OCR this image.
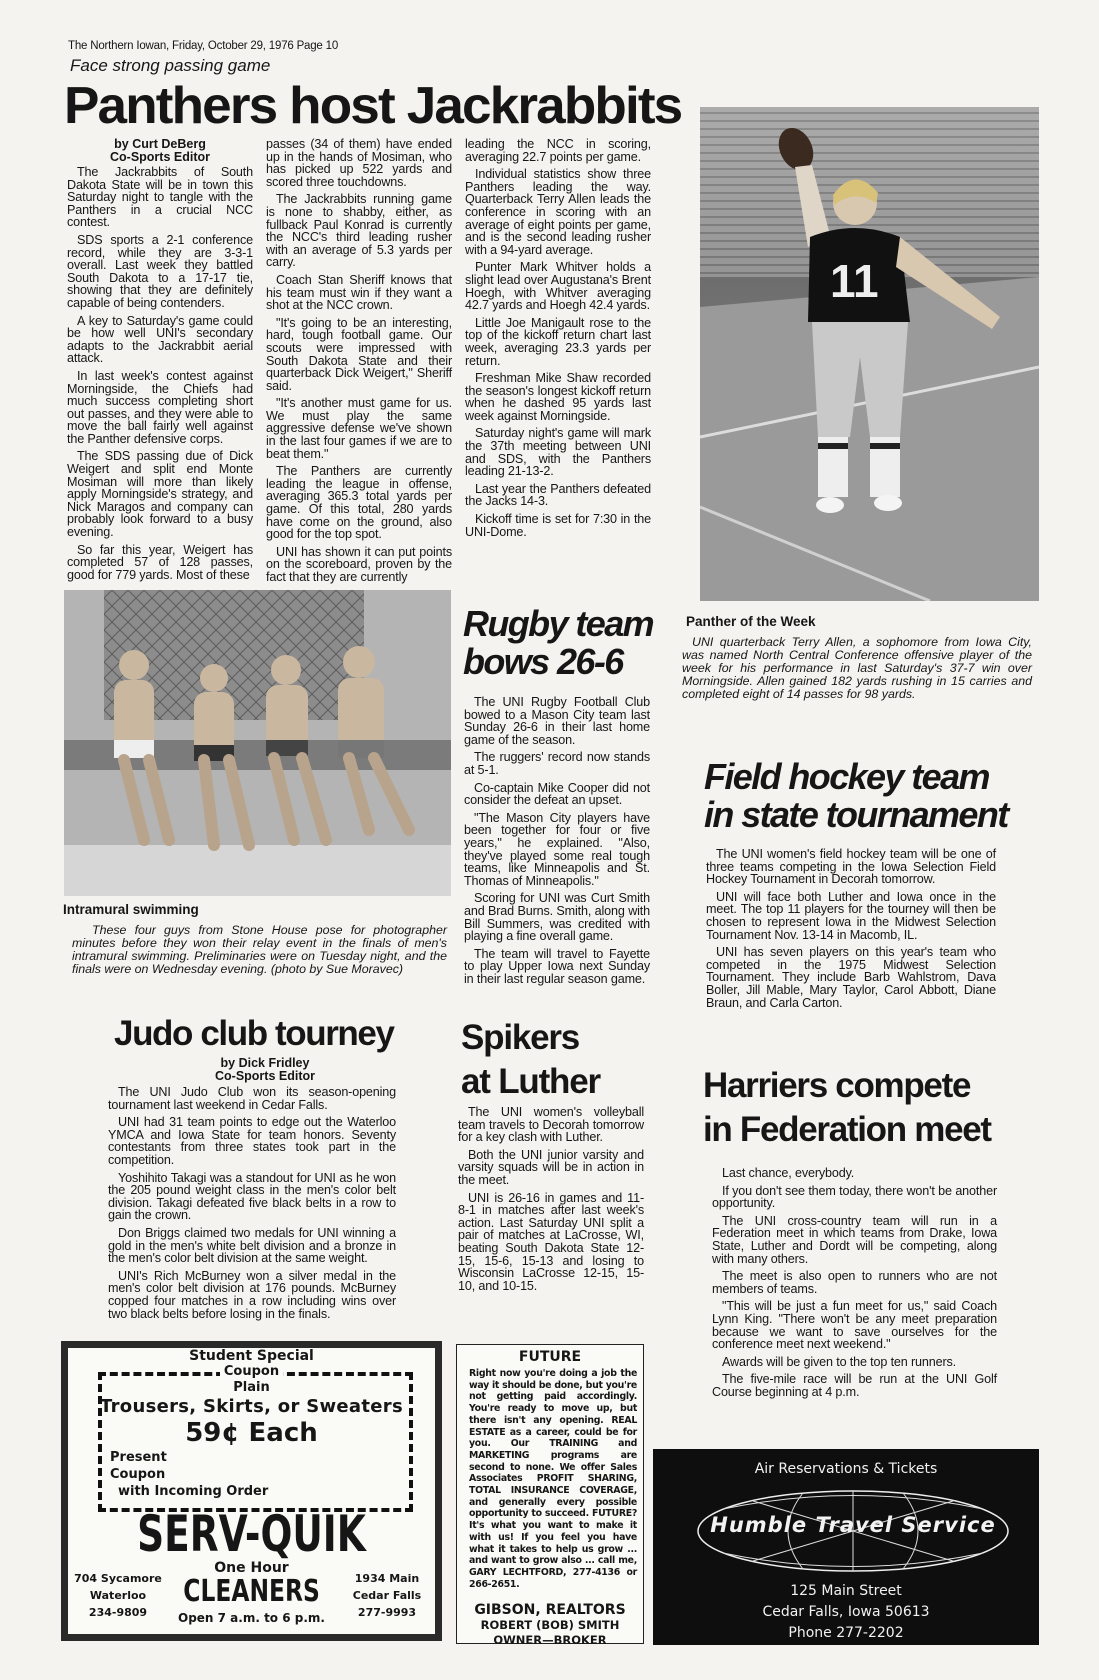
The Northern Iowan, Friday, October 29, 1976 Page 10
Face strong passing game
Panthers host Jackrabbits
by Curt DeBerg
Co-Sports Editor

The Jackrabbits of South Dakota State will be in town this Saturday night to tangle with the Panthers in a crucial NCC contest.

SDS sports a 2-1 conference record, while they are 3-3-1 overall. Last week they battled South Dakota to a 17-17 tie, showing that they are definitely capable of being contenders.

A key to Saturday's game could be how well UNI's secondary adapts to the Jackrabbit aerial attack.

In last week's contest against Morningside, the Chiefs had much success completing short out passes, and they were able to move the ball fairly well against the Panther defensive corps.

The SDS passing due of Dick Weigert and split end Monte Mosiman will more than likely apply Morningside's strategy, and Nick Maragos and company can probably look forward to a busy evening.

So far this year, Weigert has completed 57 of 128 passes, good for 779 yards. Most of these

passes (34 of them) have ended up in the hands of Mosiman, who has picked up 522 yards and scored three touchdowns.

The Jackrabbits running game is none to shabby, either, as fullback Paul Konrad is currently the NCC's third leading rusher with an average of 5.3 yards per carry.

Coach Stan Sheriff knows that his team must win if they want a shot at the NCC crown.

"It's going to be an interesting, hard, tough football game. Our scouts were impressed with South Dakota State and their quarterback Dick Weigert," Sheriff said.

"It's another must game for us. We must play the same aggressive defense we've shown in the last four games if we are to beat them."

The Panthers are currently leading the league in offense, averaging 365.3 total yards per game. Of this total, 280 yards have come on the ground, also good for the top spot.

UNI has shown it can put points on the scoreboard, proven by the fact that they are currently

leading the NCC in scoring, averaging 22.7 points per game.

Individual statistics show three Panthers leading the way. Quarterback Terry Allen leads the conference in scoring with an average of eight points per game, and is the second leading rusher with a 94-yard average.

Punter Mark Whitver holds a slight lead over Augustana's Brent Hoegh, with Whitver averaging 42.7 yards and Hoegh 42.4 yards.

Little Joe Manigault rose to the top of the kickoff return chart last week, averaging 23.3 yards per return.

Freshman Mike Shaw recorded the season's longest kickoff return when he dashed 95 yards last week against Morningside.

Saturday night's game will mark the 37th meeting between UNI and SDS, with the Panthers leading 21-13-2.

Last year the Panthers defeated the Jacks 14-3.

Kickoff time is set for 7:30 in the UNI-Dome.

11
Panther of the Week
UNI quarterback Terry Allen, a sophomore from Iowa City, was named North Central Conference offensive player of the week for his performance in last Saturday's 37-7 win over Morningside. Allen gained 182 yards rushing in 15 carries and completed eight of 14 passes for 98 yards.
Intramural swimming
These four guys from Stone House pose for photographer minutes before they won their relay event in the finals of men's intramural swimming. Preliminaries were on Tuesday night, and the finals were on Wednesday evening. (photo by Sue Moravec)
Rugby team
bows 26-6

The UNI Rugby Football Club bowed to a Mason City team last Sunday 26-6 in their last home game of the season.

The ruggers' record now stands at 5-1.

Co-captain Mike Cooper did not consider the defeat an upset.

"The Mason City players have been together for four or five years," he explained. "Also, they've played some real tough teams, like Minneapolis and St. Thomas of Minneapolis."

Scoring for UNI was Curt Smith and Brad Burns. Smith, along with Bill Summers, was credited with playing a fine overall game.

The team will travel to Fayette to play Upper Iowa next Sunday in their last regular season game.

Field hockey team
in state tournament

The UNI women's field hockey team will be one of three teams competing in the Iowa Selection Field Hockey Tournament in Decorah tomorrow.

UNI will face both Luther and Iowa once in the meet. The top 11 players for the tourney will then be chosen to represent Iowa in the Midwest Selection Tournament Nov. 13-14 in Macomb, IL.

UNI has seven players on this year's team who competed in the 1975 Midwest Selection Tournament. They include Barb Wahlstrom, Dava Boller, Jill Mable, Mary Taylor, Carol Abbott, Diane Braun, and Carla Carton.

Judo club tourney
by Dick Fridley
Co-Sports Editor

The UNI Judo Club won its season-opening tournament last weekend in Cedar Falls.

UNI had 31 team points to edge out the Waterloo YMCA and Iowa State for team honors. Seventy contestants from three states took part in the competition.

Yoshihito Takagi was a standout for UNI as he won the 205 pound weight class in the men's color belt division. Takagi defeated five black belts in a row to gain the crown.

Don Briggs claimed two medals for UNI winning a gold in the men's white belt division and a bronze in the men's color belt division at the same weight.

UNI's Rich McBurney won a silver medal in the men's color belt division at 176 pounds. McBurney copped four matches in a row including wins over two black belts before losing in the finals.

Spikers
at Luther

The UNI women's volleyball team travels to Decorah tomorrow for a key clash with Luther.

Both the UNI junior varsity and varsity squads will be in action in the meet.

UNI is 26-16 in games and 11-8-1 in matches after last week's action. Last Saturday UNI split a pair of matches at LaCrosse, WI, beating South Dakota State 12-15, 15-6, 15-13 and losing to Wisconsin LaCrosse 12-15, 15-10, and 10-15.

Harriers compete
in Federation meet

Last chance, everybody.

If you don't see them today, there won't be another opportunity.

The UNI cross-country team will run in a Federation meet in which teams from Drake, Iowa State, Luther and Dordt will be competing, along with many others.

The meet is also open to runners who are not members of teams.

"This will be just a fun meet for us," said Coach Lynn King. "There won't be any meet preparation because we want to save ourselves for the conference meet next weekend."

Awards will be given to the top ten runners.

The five-mile race will be run at the UNI Golf Course beginning at 4 p.m.

Student Special
Coupon
Plain
Trousers, Skirts, or Sweaters
59¢ Each
Present
Coupon
with Incoming Order
SERV-QUIK
One Hour
CLEANERS
Open 7 a.m. to 6 p.m.
704 Sycamore
Waterloo
234-9809
1934 Main
Cedar Falls
277-9993
FUTURE
Right now you're doing a job the way it should be done, but you're not getting paid accordingly. You're ready to move up, but there isn't any opening. REAL ESTATE as a career, could be for you. Our TRAINING and MARKETING programs are second to none. We offer Sales Associates PROFIT SHARING, TOTAL INSURANCE COVERAGE, and generally every possible opportunity to succeed. FUTURE? It's what you want to make it with us! If you feel you have what it takes to help us grow ... and want to grow also ... call me, GARY LECHTFORD, 277-4136 or 266-2651.
GIBSON, REALTORS
ROBERT (BOB) SMITH
OWNER—BROKER
Air Reservations & Tickets
Humble Travel Service
125 Main Street
Cedar Falls, Iowa 50613
Phone 277-2202
